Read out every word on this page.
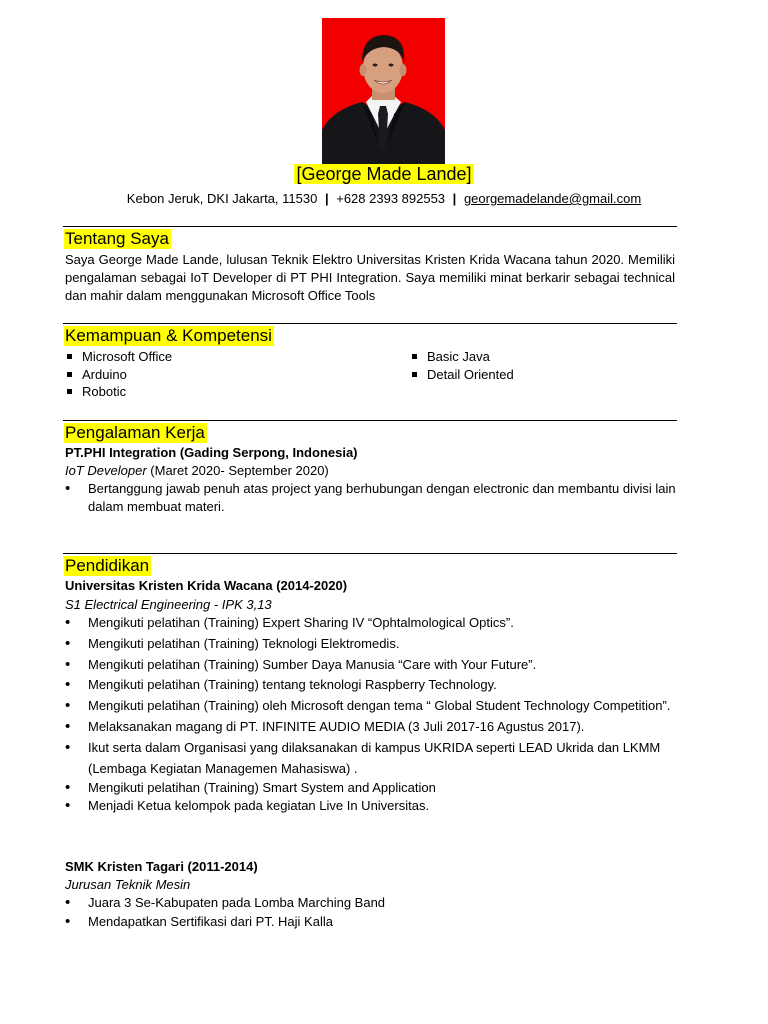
[George Made Lande]
Kebon Jeruk, DKI Jakarta, 11530 | +628 2393 892553 | georgemadelande@gmail.com
Tentang Saya
Saya George Made Lande, lulusan Teknik Elektro Universitas Kristen Krida Wacana tahun 2020. Memiliki pengalaman sebagai IoT Developer di PT PHI Integration. Saya memiliki minat berkarir sebagai technical dan mahir dalam menggunakan Microsoft Office Tools
Kemampuan & Kompetensi
Microsoft Office
Arduino
Robotic
Basic Java
Detail Oriented
Pengalaman Kerja
PT.PHI Integration (Gading Serpong, Indonesia)
IoT Developer (Maret 2020- September 2020)
• Bertanggung jawab penuh atas project yang berhubungan dengan electronic dan membantu divisi lain dalam membuat materi.
Pendidikan
Universitas Kristen Krida Wacana (2014-2020)
S1 Electrical Engineering - IPK 3,13
• Mengikuti pelatihan (Training) Expert Sharing IV “Ophtalmological Optics”.
• Mengikuti pelatihan (Training) Teknologi Elektromedis.
• Mengikuti pelatihan (Training) Sumber Daya Manusia “Care with Your Future”.
• Mengikuti pelatihan (Training) tentang teknologi Raspberry Technology.
• Mengikuti pelatihan (Training) oleh Microsoft dengan tema “ Global Student Technology Competition”.
• Melaksanakan magang di PT. INFINITE AUDIO MEDIA (3 Juli 2017-16 Agustus 2017).
• Ikut serta dalam Organisasi yang dilaksanakan di kampus UKRIDA seperti LEAD Ukrida dan LKMM (Lembaga Kegiatan Managemen Mahasiswa) .
• Mengikuti pelatihan (Training) Smart System and Application
• Menjadi Ketua kelompok pada kegiatan Live In Universitas.
SMK Kristen Tagari (2011-2014)
Jurusan Teknik Mesin
• Juara 3 Se-Kabupaten pada Lomba Marching Band
• Mendapatkan Sertifikasi dari PT. Haji Kalla
